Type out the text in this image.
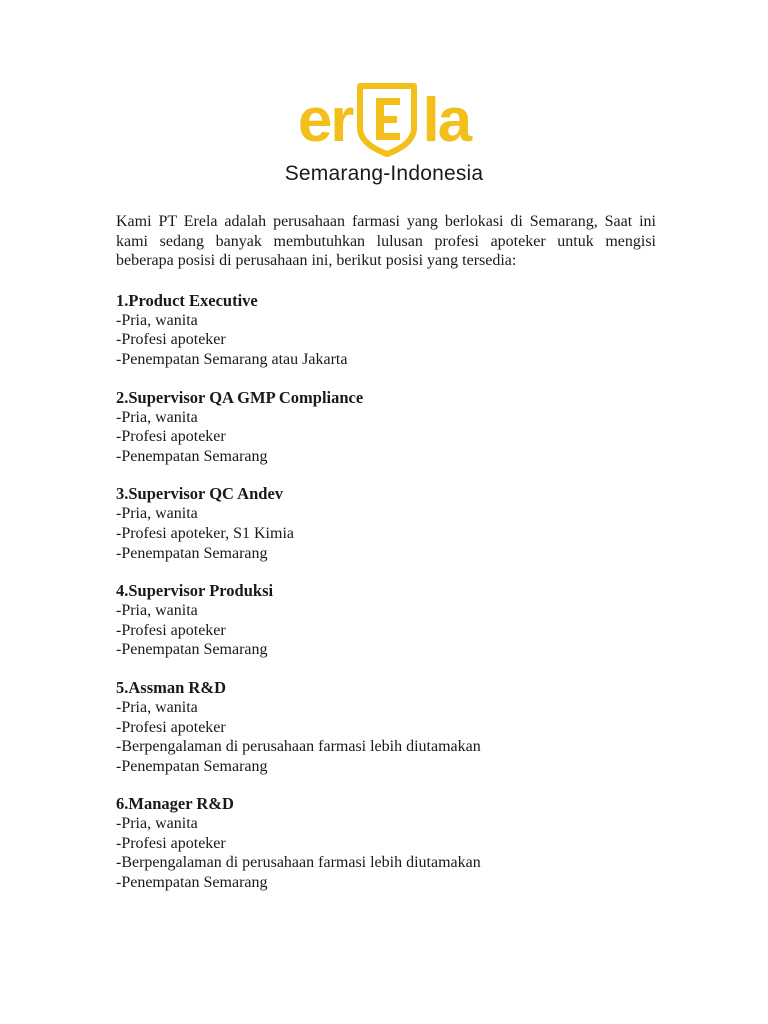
er la
Semarang-Indonesia

Kami PT Erela adalah perusahaan farmasi yang berlokasi di Semarang, Saat ini kami sedang banyak membutuhkan lulusan profesi apoteker untuk mengisi beberapa posisi di perusahaan ini, berikut posisi yang tersedia:

1.Product Executive
-Pria, wanita
-Profesi apoteker
-Penempatan Semarang atau Jakarta
2.Supervisor QA GMP Compliance
-Pria, wanita
-Profesi apoteker
-Penempatan Semarang
3.Supervisor QC Andev
-Pria, wanita
-Profesi apoteker, S1 Kimia
-Penempatan Semarang
4.Supervisor Produksi
-Pria, wanita
-Profesi apoteker
-Penempatan Semarang
5.Assman R&D
-Pria, wanita
-Profesi apoteker
-Berpengalaman di perusahaan farmasi lebih diutamakan
-Penempatan Semarang
6.Manager R&D
-Pria, wanita
-Profesi apoteker
-Berpengalaman di perusahaan farmasi lebih diutamakan
-Penempatan Semarang
